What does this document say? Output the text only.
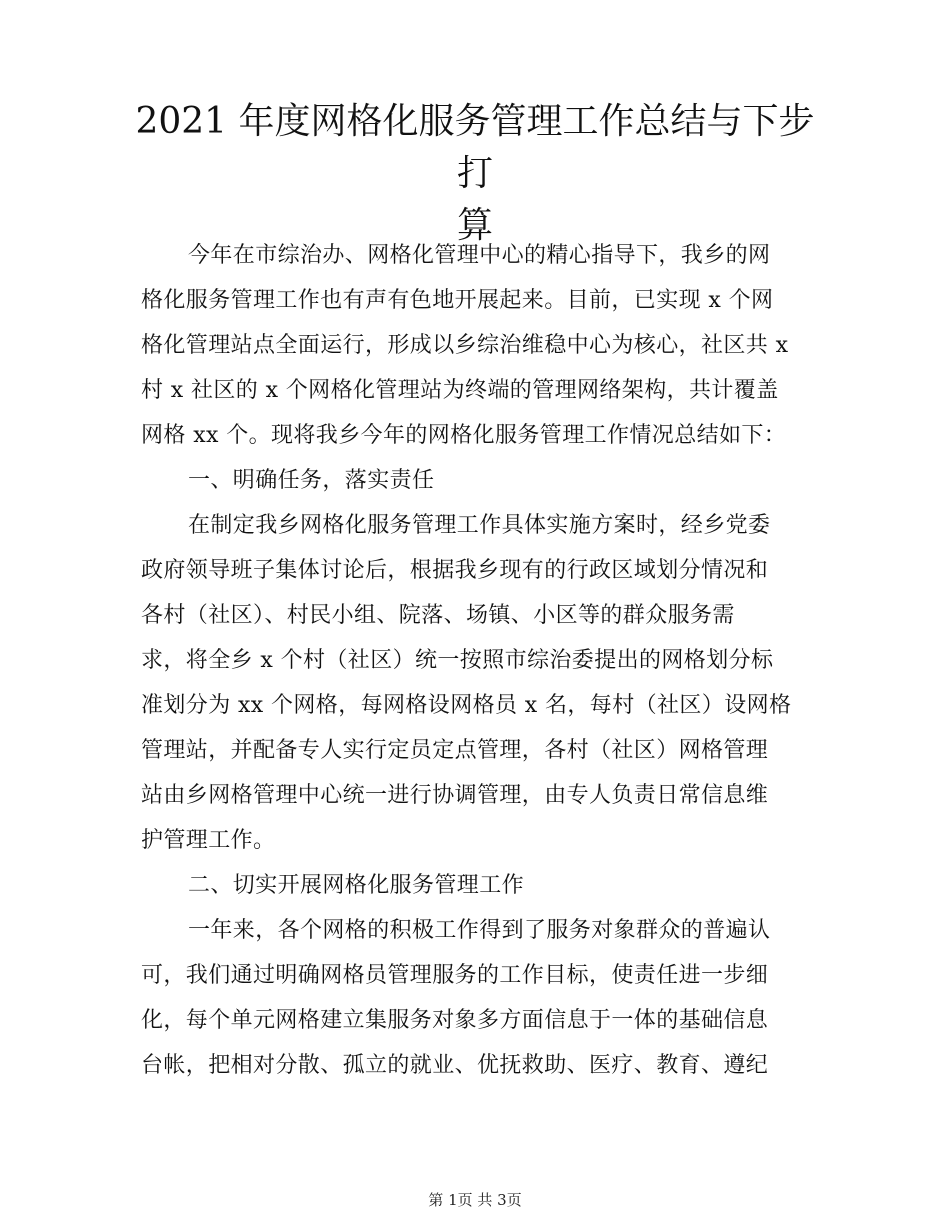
2021 年度网格化服务管理工作总结与下步打
算
今年在市综治办、网格化管理中心的精心指导下，我乡的网
格化服务管理工作也有声有色地开展起来。目前，已实现 x 个网
格化管理站点全面运行，形成以乡综治维稳中心为核心，社区共 x
村 x 社区的 x 个网格化管理站为终端的管理网络架构，共计覆盖
网格 xx 个。现将我乡今年的网格化服务管理工作情况总结如下：
一、明确任务，落实责任
在制定我乡网格化服务管理工作具体实施方案时，经乡党委
政府领导班子集体讨论后，根据我乡现有的行政区域划分情况和
各村（社区）、村民小组、院落、场镇、小区等的群众服务需
求，将全乡 x 个村（社区）统一按照市综治委提出的网格划分标
准划分为 xx 个网格，每网格设网格员 x 名，每村（社区）设网格
管理站，并配备专人实行定员定点管理，各村（社区）网格管理
站由乡网格管理中心统一进行协调管理，由专人负责日常信息维
护管理工作。
二、切实开展网格化服务管理工作
一年来，各个网格的积极工作得到了服务对象群众的普遍认
可，我们通过明确网格员管理服务的工作目标，使责任进一步细
化，每个单元网格建立集服务对象多方面信息于一体的基础信息
台帐，把相对分散、孤立的就业、优抚救助、医疗、教育、遵纪
第 1页 共 3页
